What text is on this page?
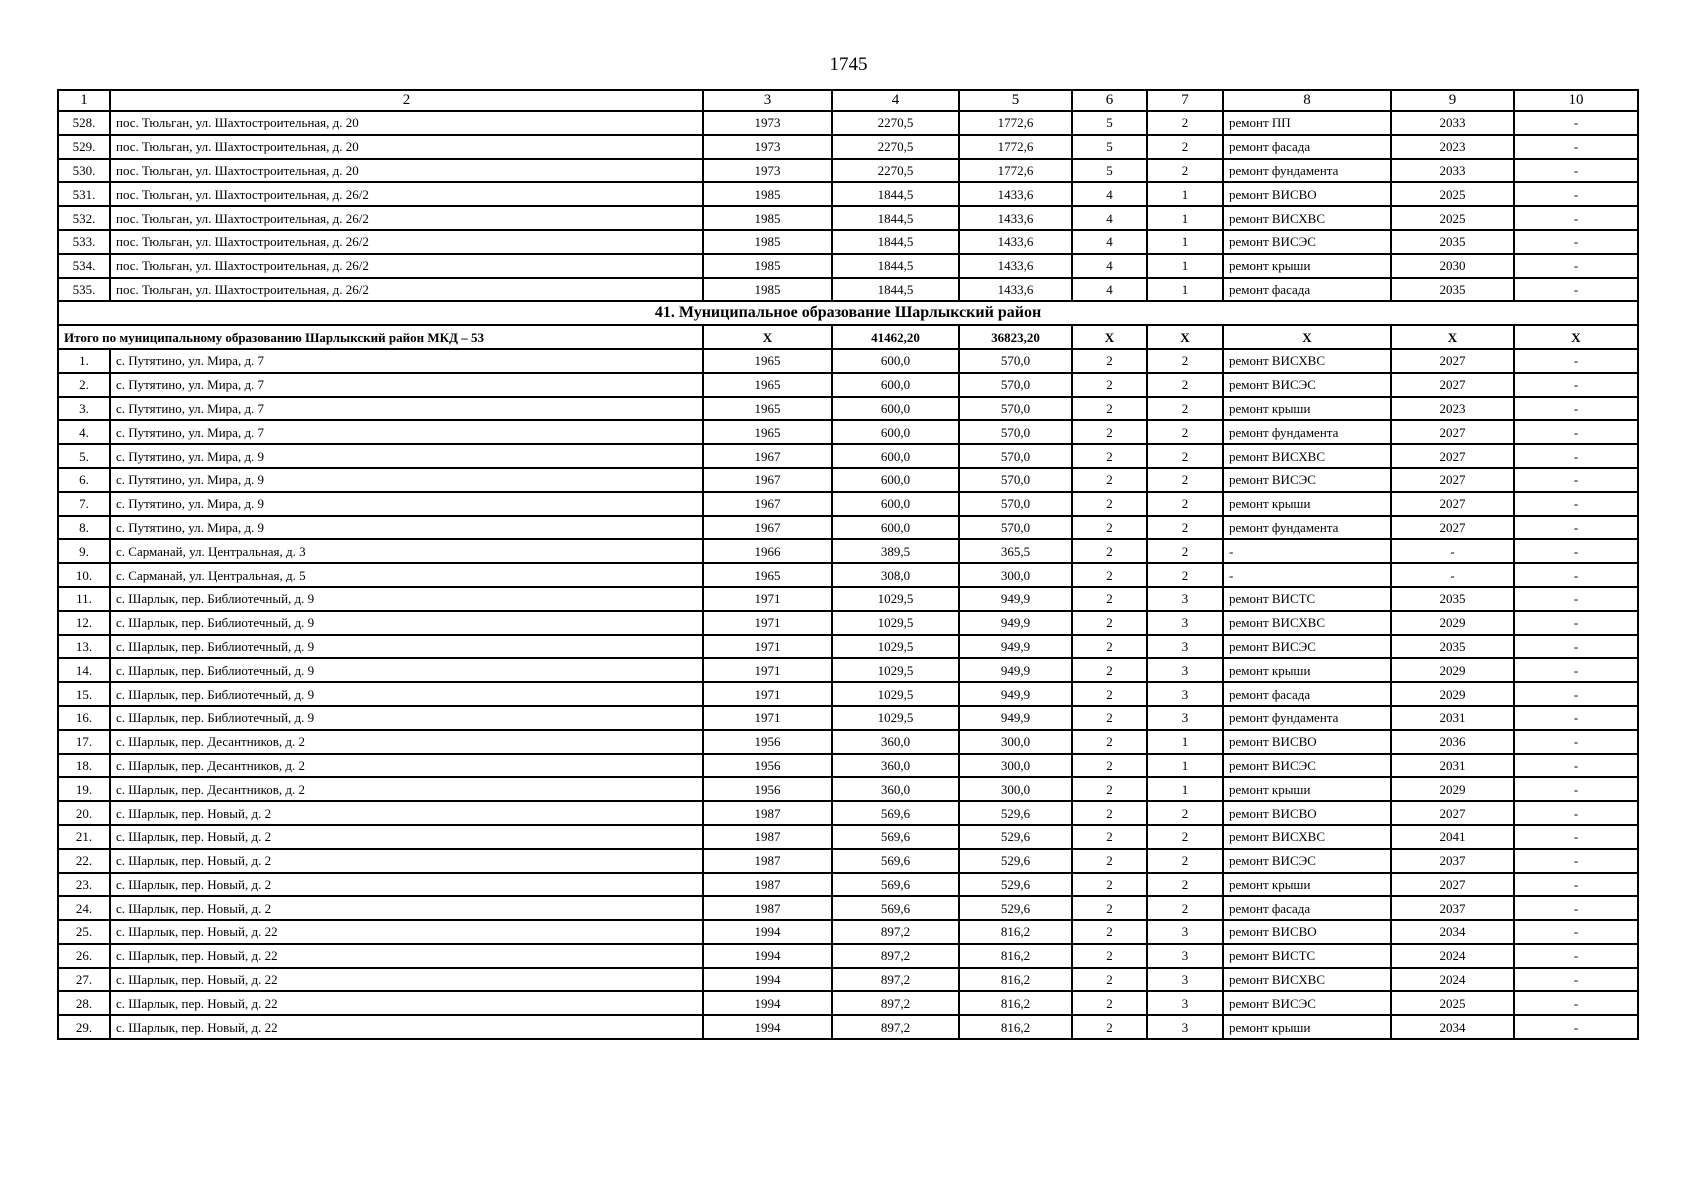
1745
1	2	3	4	5	6	7	8	9	10
528.	пос. Тюльган, ул. Шахтостроительная, д. 20	1973	2270,5	1772,6	5	2	ремонт ПП	2033	-
529.	пос. Тюльган, ул. Шахтостроительная, д. 20	1973	2270,5	1772,6	5	2	ремонт фасада	2023	-
530.	пос. Тюльган, ул. Шахтостроительная, д. 20	1973	2270,5	1772,6	5	2	ремонт фундамента	2033	-
531.	пос. Тюльган, ул. Шахтостроительная, д. 26/2	1985	1844,5	1433,6	4	1	ремонт ВИСВО	2025	-
532.	пос. Тюльган, ул. Шахтостроительная, д. 26/2	1985	1844,5	1433,6	4	1	ремонт ВИСХВС	2025	-
533.	пос. Тюльган, ул. Шахтостроительная, д. 26/2	1985	1844,5	1433,6	4	1	ремонт ВИСЭС	2035	-
534.	пос. Тюльган, ул. Шахтостроительная, д. 26/2	1985	1844,5	1433,6	4	1	ремонт крыши	2030	-
535.	пос. Тюльган, ул. Шахтостроительная, д. 26/2	1985	1844,5	1433,6	4	1	ремонт фасада	2035	-
41. Муниципальное образование Шарлыкский район									
Итого по муниципальному образованию Шарлыкский район МКД – 53		Х	41462,20	36823,20	Х	Х	Х	Х	Х
1.	с. Путятино, ул. Мира, д. 7	1965	600,0	570,0	2	2	ремонт ВИСХВС	2027	-
2.	с. Путятино, ул. Мира, д. 7	1965	600,0	570,0	2	2	ремонт ВИСЭС	2027	-
3.	с. Путятино, ул. Мира, д. 7	1965	600,0	570,0	2	2	ремонт крыши	2023	-
4.	с. Путятино, ул. Мира, д. 7	1965	600,0	570,0	2	2	ремонт фундамента	2027	-
5.	с. Путятино, ул. Мира, д. 9	1967	600,0	570,0	2	2	ремонт ВИСХВС	2027	-
6.	с. Путятино, ул. Мира, д. 9	1967	600,0	570,0	2	2	ремонт ВИСЭС	2027	-
7.	с. Путятино, ул. Мира, д. 9	1967	600,0	570,0	2	2	ремонт крыши	2027	-
8.	с. Путятино, ул. Мира, д. 9	1967	600,0	570,0	2	2	ремонт фундамента	2027	-
9.	с. Сарманай, ул. Центральная, д. 3	1966	389,5	365,5	2	2	-	-	-
10.	с. Сарманай, ул. Центральная, д. 5	1965	308,0	300,0	2	2	-	-	-
11.	с. Шарлык, пер. Библиотечный, д. 9	1971	1029,5	949,9	2	3	ремонт ВИСТС	2035	-
12.	с. Шарлык, пер. Библиотечный, д. 9	1971	1029,5	949,9	2	3	ремонт ВИСХВС	2029	-
13.	с. Шарлык, пер. Библиотечный, д. 9	1971	1029,5	949,9	2	3	ремонт ВИСЭС	2035	-
14.	с. Шарлык, пер. Библиотечный, д. 9	1971	1029,5	949,9	2	3	ремонт крыши	2029	-
15.	с. Шарлык, пер. Библиотечный, д. 9	1971	1029,5	949,9	2	3	ремонт фасада	2029	-
16.	с. Шарлык, пер. Библиотечный, д. 9	1971	1029,5	949,9	2	3	ремонт фундамента	2031	-
17.	с. Шарлык, пер. Десантников, д. 2	1956	360,0	300,0	2	1	ремонт ВИСВО	2036	-
18.	с. Шарлык, пер. Десантников, д. 2	1956	360,0	300,0	2	1	ремонт ВИСЭС	2031	-
19.	с. Шарлык, пер. Десантников, д. 2	1956	360,0	300,0	2	1	ремонт крыши	2029	-
20.	с. Шарлык, пер. Новый, д. 2	1987	569,6	529,6	2	2	ремонт ВИСВО	2027	-
21.	с. Шарлык, пер. Новый, д. 2	1987	569,6	529,6	2	2	ремонт ВИСХВС	2041	-
22.	с. Шарлык, пер. Новый, д. 2	1987	569,6	529,6	2	2	ремонт ВИСЭС	2037	-
23.	с. Шарлык, пер. Новый, д. 2	1987	569,6	529,6	2	2	ремонт крыши	2027	-
24.	с. Шарлык, пер. Новый, д. 2	1987	569,6	529,6	2	2	ремонт фасада	2037	-
25.	с. Шарлык, пер. Новый, д. 22	1994	897,2	816,2	2	3	ремонт ВИСВО	2034	-
26.	с. Шарлык, пер. Новый, д. 22	1994	897,2	816,2	2	3	ремонт ВИСТС	2024	-
27.	с. Шарлык, пер. Новый, д. 22	1994	897,2	816,2	2	3	ремонт ВИСХВС	2024	-
28.	с. Шарлык, пер. Новый, д. 22	1994	897,2	816,2	2	3	ремонт ВИСЭС	2025	-
29.	с. Шарлык, пер. Новый, д. 22	1994	897,2	816,2	2	3	ремонт крыши	2034	-
